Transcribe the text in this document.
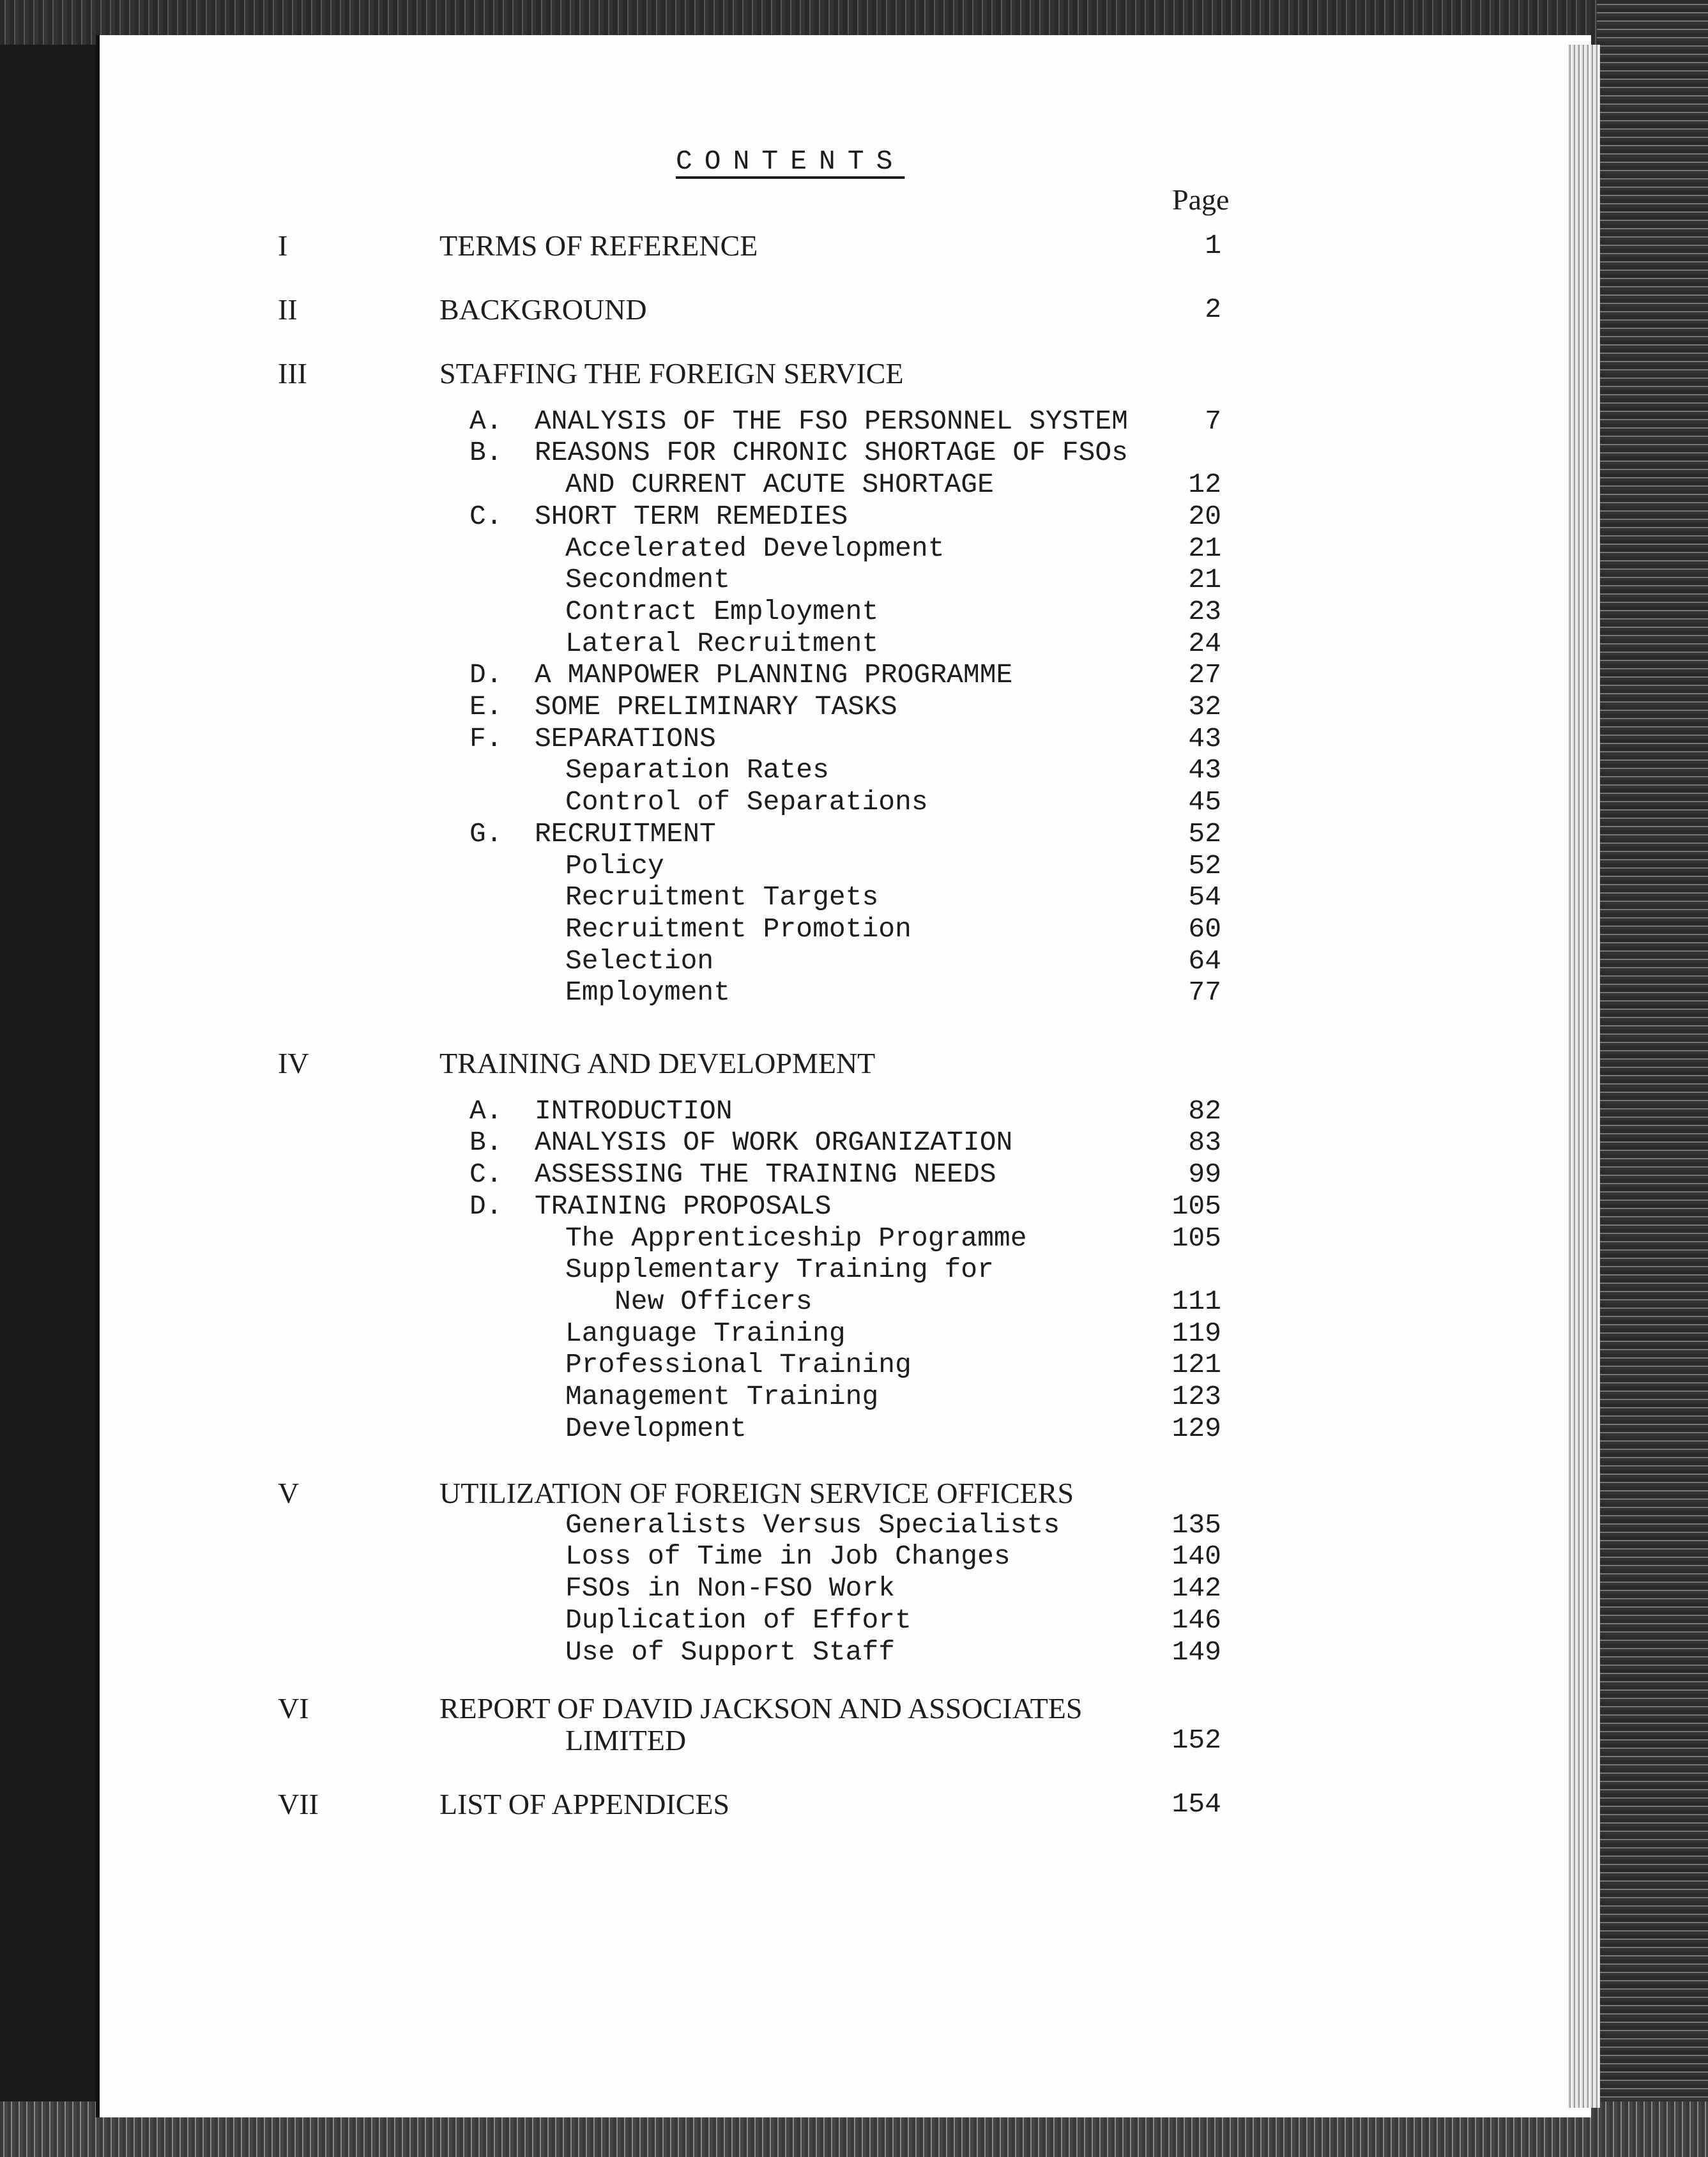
CONTENTS
Page
I	TERMS OF REFERENCE	1
II	BACKGROUND	2
III	STAFFING THE FOREIGN SERVICE
A. ANALYSIS OF THE FSO PERSONNEL SYSTEM	7
B. REASONS FOR CHRONIC SHORTAGE OF FSOs
AND CURRENT ACUTE SHORTAGE	12
C. SHORT TERM REMEDIES	20
Accelerated Development	21
Secondment	21
Contract Employment	23
Lateral Recruitment	24
D. A MANPOWER PLANNING PROGRAMME	27
E. SOME PRELIMINARY TASKS	32
F. SEPARATIONS	43
Separation Rates	43
Control of Separations	45
G. RECRUITMENT	52
Policy	52
Recruitment Targets	54
Recruitment Promotion	60
Selection	64
Employment	77
IV	TRAINING AND DEVELOPMENT
A. INTRODUCTION	82
B. ANALYSIS OF WORK ORGANIZATION	83
C. ASSESSING THE TRAINING NEEDS	99
D. TRAINING PROPOSALS	105
The Apprenticeship Programme	105
Supplementary Training for
New Officers	111
Language Training	119
Professional Training	121
Management Training	123
Development	129
V	UTILIZATION OF FOREIGN SERVICE OFFICERS
Generalists Versus Specialists	135
Loss of Time in Job Changes	140
FSOs in Non-FSO Work	142
Duplication of Effort	146
Use of Support Staff	149
VI	REPORT OF DAVID JACKSON AND ASSOCIATES
LIMITED	152
VII	LIST OF APPENDICES	154
